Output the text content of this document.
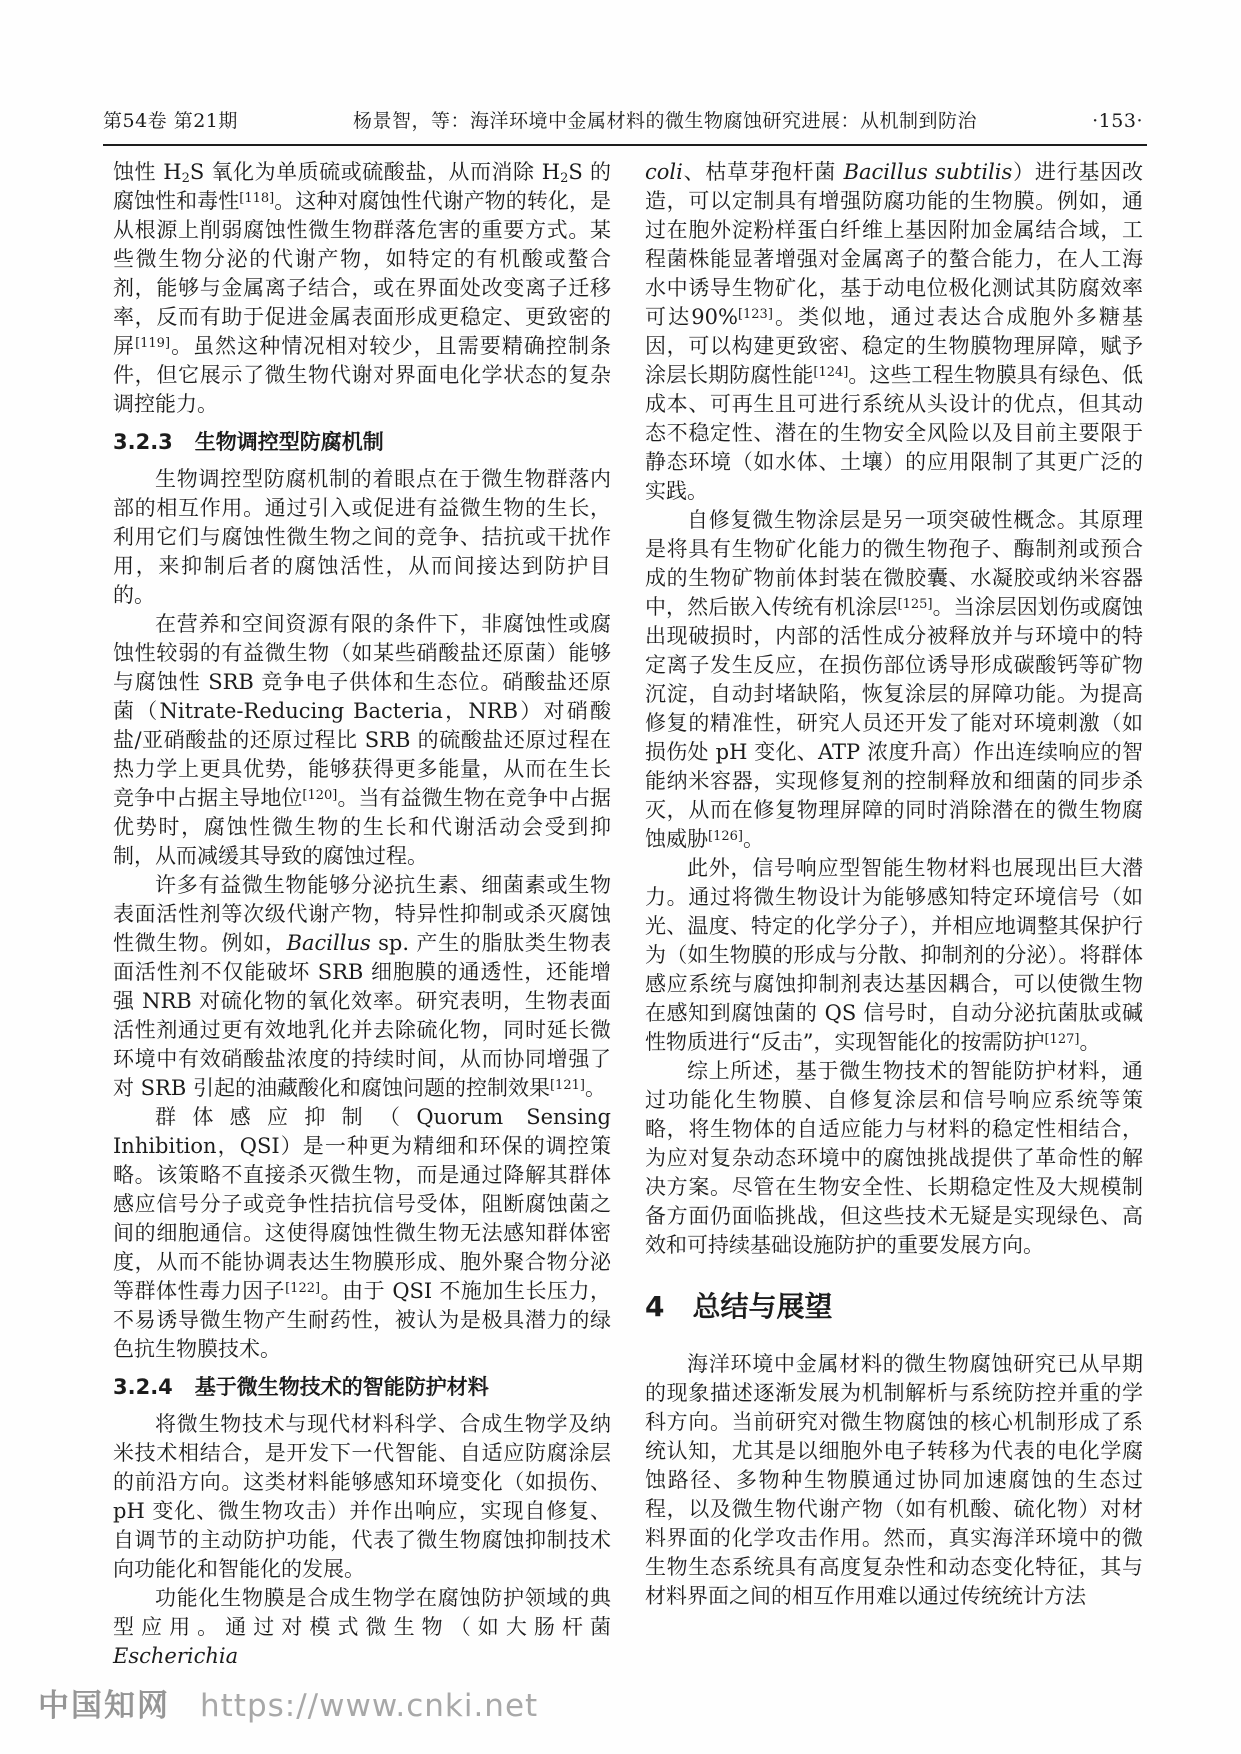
第54卷 第21期	杨景智，等：海洋环境中金属材料的微生物腐蚀研究进展：从机制到防治	·153·

蚀性 $H_2S$ 氧化为单质硫或硫酸盐，从而消除 $H_2S$ 的腐蚀性和毒性[118]。这种对腐蚀性代谢产物的转化，是从根源上削弱腐蚀性微生物群落危害的重要方式。某些微生物分泌的代谢产物，如特定的有机酸或螯合剂，能够与金属离子结合，或在界面处改变离子迁移率，反而有助于促进金属表面形成更稳定、更致密的屏[119]。虽然这种情况相对较少，且需要精确控制条件，但它展示了微生物代谢对界面电化学状态的复杂调控能力。

3.2.3 生物调控型防腐机制

生物调控型防腐机制的着眼点在于微生物群落内部的相互作用。通过引入或促进有益微生物的生长，利用它们与腐蚀性微生物之间的竞争、拮抗或干扰作用，来抑制后者的腐蚀活性，从而间接达到防护目的。

在营养和空间资源有限的条件下，非腐蚀性或腐蚀性较弱的有益微生物（如某些硝酸盐还原菌）能够与腐蚀性 SRB 竞争电子供体和生态位。硝酸盐还原菌（Nitrate-Reducing Bacteria，NRB）对硝酸盐/亚硝酸盐的还原过程比 SRB 的硫酸盐还原过程在热力学上更具优势，能够获得更多能量，从而在生长竞争中占据主导地位[120]。当有益微生物在竞争中占据优势时，腐蚀性微生物的生长和代谢活动会受到抑制，从而减缓其导致的腐蚀过程。

许多有益微生物能够分泌抗生素、细菌素或生物表面活性剂等次级代谢产物，特异性抑制或杀灭腐蚀性微生物。例如，Bacillus sp. 产生的脂肽类生物表面活性剂不仅能破坏 SRB 细胞膜的通透性，还能增强 NRB 对硫化物的氧化效率。研究表明，生物表面活性剂通过更有效地乳化并去除硫化物，同时延长微环境中有效硝酸盐浓度的持续时间，从而协同增强了对 SRB 引起的油藏酸化和腐蚀问题的控制效果[121]。

群体感应抑制（Quorum Sensing Inhibition，QSI）是一种更为精细和环保的调控策略。该策略不直接杀灭微生物，而是通过降解其群体感应信号分子或竞争性拮抗信号受体，阻断腐蚀菌之间的细胞通信。这使得腐蚀性微生物无法感知群体密度，从而不能协调表达生物膜形成、胞外聚合物分泌等群体性毒力因子[122]。由于 QSI 不施加生长压力，不易诱导微生物产生耐药性，被认为是极具潜力的绿色抗生物膜技术。

3.2.4 基于微生物技术的智能防护材料

将微生物技术与现代材料科学、合成生物学及纳米技术相结合，是开发下一代智能、自适应防腐涂层的前沿方向。这类材料能够感知环境变化（如损伤、pH 变化、微生物攻击）并作出响应，实现自修复、自调节的主动防护功能，代表了微生物腐蚀抑制技术向功能化和智能化的发展。

功能化生物膜是合成生物学在腐蚀防护领域的典型应用。通过对模式微生物（如大肠杆菌 Escherichia

coli、枯草芽孢杆菌 Bacillus subtilis）进行基因改造，可以定制具有增强防腐功能的生物膜。例如，通过在胞外淀粉样蛋白纤维上基因附加金属结合域，工程菌株能显著增强对金属离子的螯合能力，在人工海水中诱导生物矿化，基于动电位极化测试其防腐效率可达90%[123]。类似地，通过表达合成胞外多糖基因，可以构建更致密、稳定的生物膜物理屏障，赋予涂层长期防腐性能[124]。这些工程生物膜具有绿色、低成本、可再生且可进行系统从头设计的优点，但其动态不稳定性、潜在的生物安全风险以及目前主要限于静态环境（如水体、土壤）的应用限制了其更广泛的实践。

自修复微生物涂层是另一项突破性概念。其原理是将具有生物矿化能力的微生物孢子、酶制剂或预合成的生物矿物前体封装在微胶囊、水凝胶或纳米容器中，然后嵌入传统有机涂层[125]。当涂层因划伤或腐蚀出现破损时，内部的活性成分被释放并与环境中的特定离子发生反应，在损伤部位诱导形成碳酸钙等矿物沉淀，自动封堵缺陷，恢复涂层的屏障功能。为提高修复的精准性，研究人员还开发了能对环境刺激（如损伤处 pH 变化、ATP 浓度升高）作出连续响应的智能纳米容器，实现修复剂的控制释放和细菌的同步杀灭，从而在修复物理屏障的同时消除潜在的微生物腐蚀威胁[126]。

此外，信号响应型智能生物材料也展现出巨大潜力。通过将微生物设计为能够感知特定环境信号（如光、温度、特定的化学分子），并相应地调整其保护行为（如生物膜的形成与分散、抑制剂的分泌）。将群体感应系统与腐蚀抑制剂表达基因耦合，可以使微生物在感知到腐蚀菌的 QS 信号时，自动分泌抗菌肽或碱性物质进行“反击”，实现智能化的按需防护[127]。

综上所述，基于微生物技术的智能防护材料，通过功能化生物膜、自修复涂层和信号响应系统等策略，将生物体的自适应能力与材料的稳定性相结合，为应对复杂动态环境中的腐蚀挑战提供了革命性的解决方案。尽管在生物安全性、长期稳定性及大规模制备方面仍面临挑战，但这些技术无疑是实现绿色、高效和可持续基础设施防护的重要发展方向。

4 总结与展望

海洋环境中金属材料的微生物腐蚀研究已从早期的现象描述逐渐发展为机制解析与系统防控并重的学科方向。当前研究对微生物腐蚀的核心机制形成了系统认知，尤其是以细胞外电子转移为代表的电化学腐蚀路径、多物种生物膜通过协同加速腐蚀的生态过程，以及微生物代谢产物（如有机酸、硫化物）对材料界面的化学攻击作用。然而，真实海洋环境中的微生物生态系统具有高度复杂性和动态变化特征，其与材料界面之间的相互作用难以通过传统统计方法

中国知网 https://www.cnki.net
